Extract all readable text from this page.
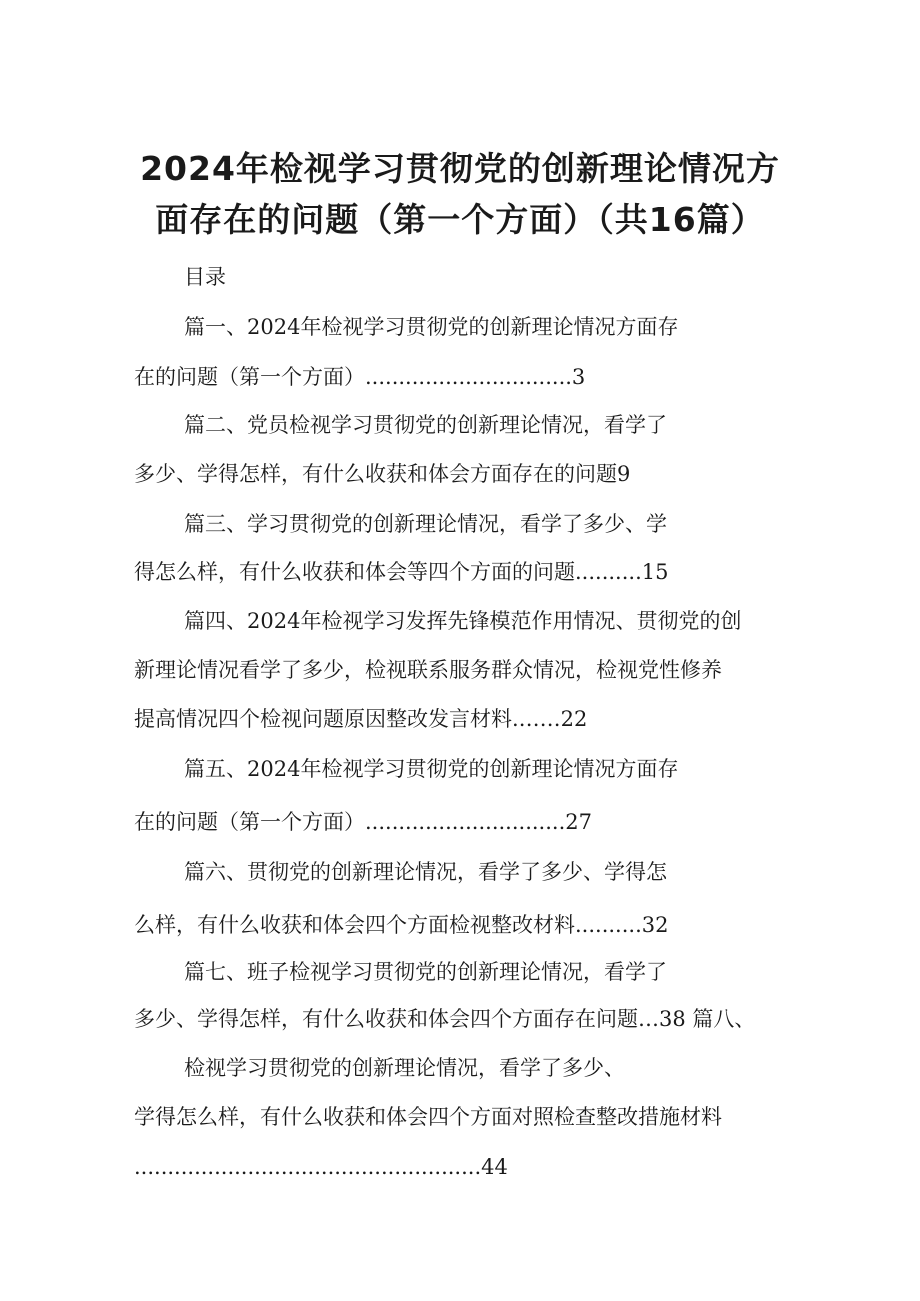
2024年检视学习贯彻党的创新理论情况方
面存在的问题（第一个方面）（共16篇）
目录
篇一、2024年检视学习贯彻党的创新理论情况方面存
在的问题（第一个方面）...............................3
篇二、党员检视学习贯彻党的创新理论情况，看学了
多少、学得怎样，有什么收获和体会方面存在的问题9
篇三、学习贯彻党的创新理论情况，看学了多少、学
得怎么样，有什么收获和体会等四个方面的问题..........15
篇四、2024年检视学习发挥先锋模范作用情况、贯彻党的创
新理论情况看学了多少，检视联系服务群众情况，检视党性修养
提高情况四个检视问题原因整改发言材料.……22
篇五、2024年检视学习贯彻党的创新理论情况方面存
在的问题（第一个方面）..............................27
篇六、贯彻党的创新理论情况，看学了多少、学得怎
么样，有什么收获和体会四个方面检视整改材料..........32
篇七、班子检视学习贯彻党的创新理论情况，看学了
多少、学得怎样，有什么收获和体会四个方面存在问题…38 篇八、
检视学习贯彻党的创新理论情况，看学了多少、
学得怎么样，有什么收获和体会四个方面对照检查整改措施材料
....................................................44
